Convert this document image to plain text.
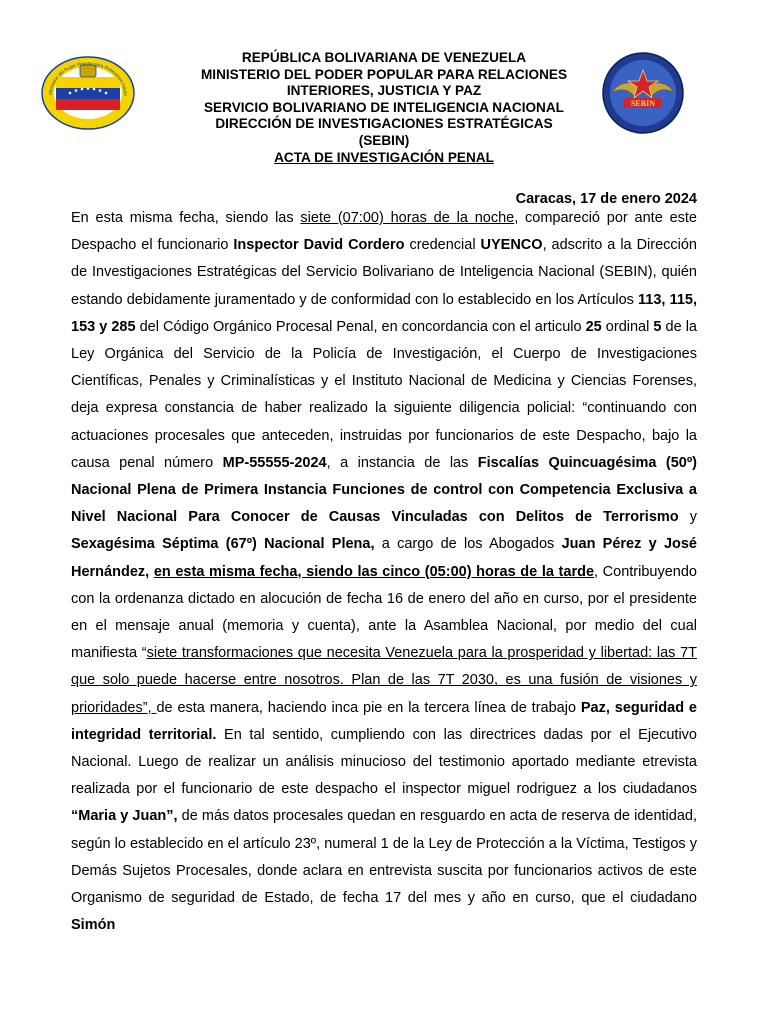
Ministerio del Poder Popular para Relaciones Interio
SEBIN
REPÚBLICA BOLIVARIANA DE VENEZUELA
MINISTERIO DEL PODER POPULAR PARA RELACIONES
INTERIORES, JUSTICIA Y PAZ
SERVICIO BOLIVARIANO DE INTELIGENCIA NACIONAL
DIRECCIÓN DE INVESTIGACIONES ESTRATÉGICAS
(SEBIN)
ACTA DE INVESTIGACIÓN PENAL
Caracas, 17 de enero 2024
En esta misma fecha, siendo las siete (07:00) horas de la noche, compareció por ante este Despacho el funcionario Inspector David Cordero credencial UYENCO, adscrito a la Dirección de Investigaciones Estratégicas del Servicio Bolivariano de Inteligencia Nacional (SEBIN), quién estando debidamente juramentado y de conformidad con lo establecido en los Artículos 113, 115, 153 y 285 del Código Orgánico Procesal Penal, en concordancia con el articulo 25 ordinal 5 de la Ley Orgánica del Servicio de la Policía de Investigación, el Cuerpo de Investigaciones Científicas, Penales y Criminalísticas y el Instituto Nacional de Medicina y Ciencias Forenses, deja expresa constancia de haber realizado la siguiente diligencia policial: “continuando con actuaciones procesales que anteceden, instruidas por funcionarios de este Despacho, bajo la causa penal número MP-55555-2024, a instancia de las Fiscalías Quincuagésima (50º) Nacional Plena de Primera Instancia Funciones de control con Competencia Exclusiva a Nivel Nacional Para Conocer de Causas Vinculadas con Delitos de Terrorismo y Sexagésima Séptima (67º) Nacional Plena, a cargo de los Abogados Juan Pérez y José Hernández, en esta misma fecha, siendo las cinco (05:00) horas de la tarde, Contribuyendo con la ordenanza dictado en alocución de fecha 16 de enero del año en curso, por el presidente en el mensaje anual (memoria y cuenta), ante la Asamblea Nacional, por medio del cual manifiesta “siete transformaciones que necesita Venezuela para la prosperidad y libertad: las 7T que solo puede hacerse entre nosotros. Plan de las 7T 2030, es una fusión de visiones y prioridades”, de esta manera, haciendo inca pie en la tercera línea de trabajo Paz, seguridad e integridad territorial. En tal sentido, cumpliendo con las directrices dadas por el Ejecutivo Nacional. Luego de realizar un análisis minucioso del testimonio aportado mediante etrevista realizada por el funcionario de este despacho el inspector miguel rodriguez a los ciudadanos “Maria y Juan”, de más datos procesales quedan en resguardo en acta de reserva de identidad, según lo establecido en el artículo 23º, numeral 1 de la Ley de Protección a la Víctima, Testigos y Demás Sujetos Procesales, donde aclara en entrevista suscita por funcionarios activos de este Organismo de seguridad de Estado, de fecha 17 del mes y año en curso, que el ciudadano Simón
